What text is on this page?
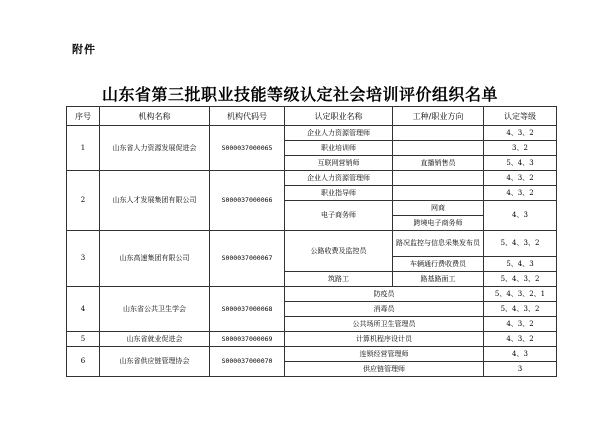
附件
山东省第三批职业技能等级认定社会培训评价组织名单
序号	机构名称	机构代码号	认定职业名称	工种/职业方向	认定等级
1	山东省人力资源发展促进会	S000037000065	企业人力资源管理师		4、3、2
			职业培训师		3、2
			互联网营销师	直播销售员	5、4、3
2	山东人才发展集团有限公司	S000037000066	企业人力资源管理师		4、3、2
			职业指导师		4、3、2
			电子商务师	网商	4、3
				跨境电子商务师	
3	山东高速集团有限公司	S000037000067	公路收费及监控员	路况监控与信息采集发布员	5、4、3、2
				车辆通行费收费员	5、4、3
			筑路工	路基路面工	5、4、3、2
4	山东省公共卫生学会	S000037000068	防疫员		5、4、3、2、1
			消毒员		5、4、3、2
			公共场所卫生管理员		4、3、2
5	山东省就业促进会	S000037000069	计算机程序设计员		4、3、2
6	山东省供应链管理协会	S000037000070	连锁经营管理师		4、3
			供应链管理师		3
